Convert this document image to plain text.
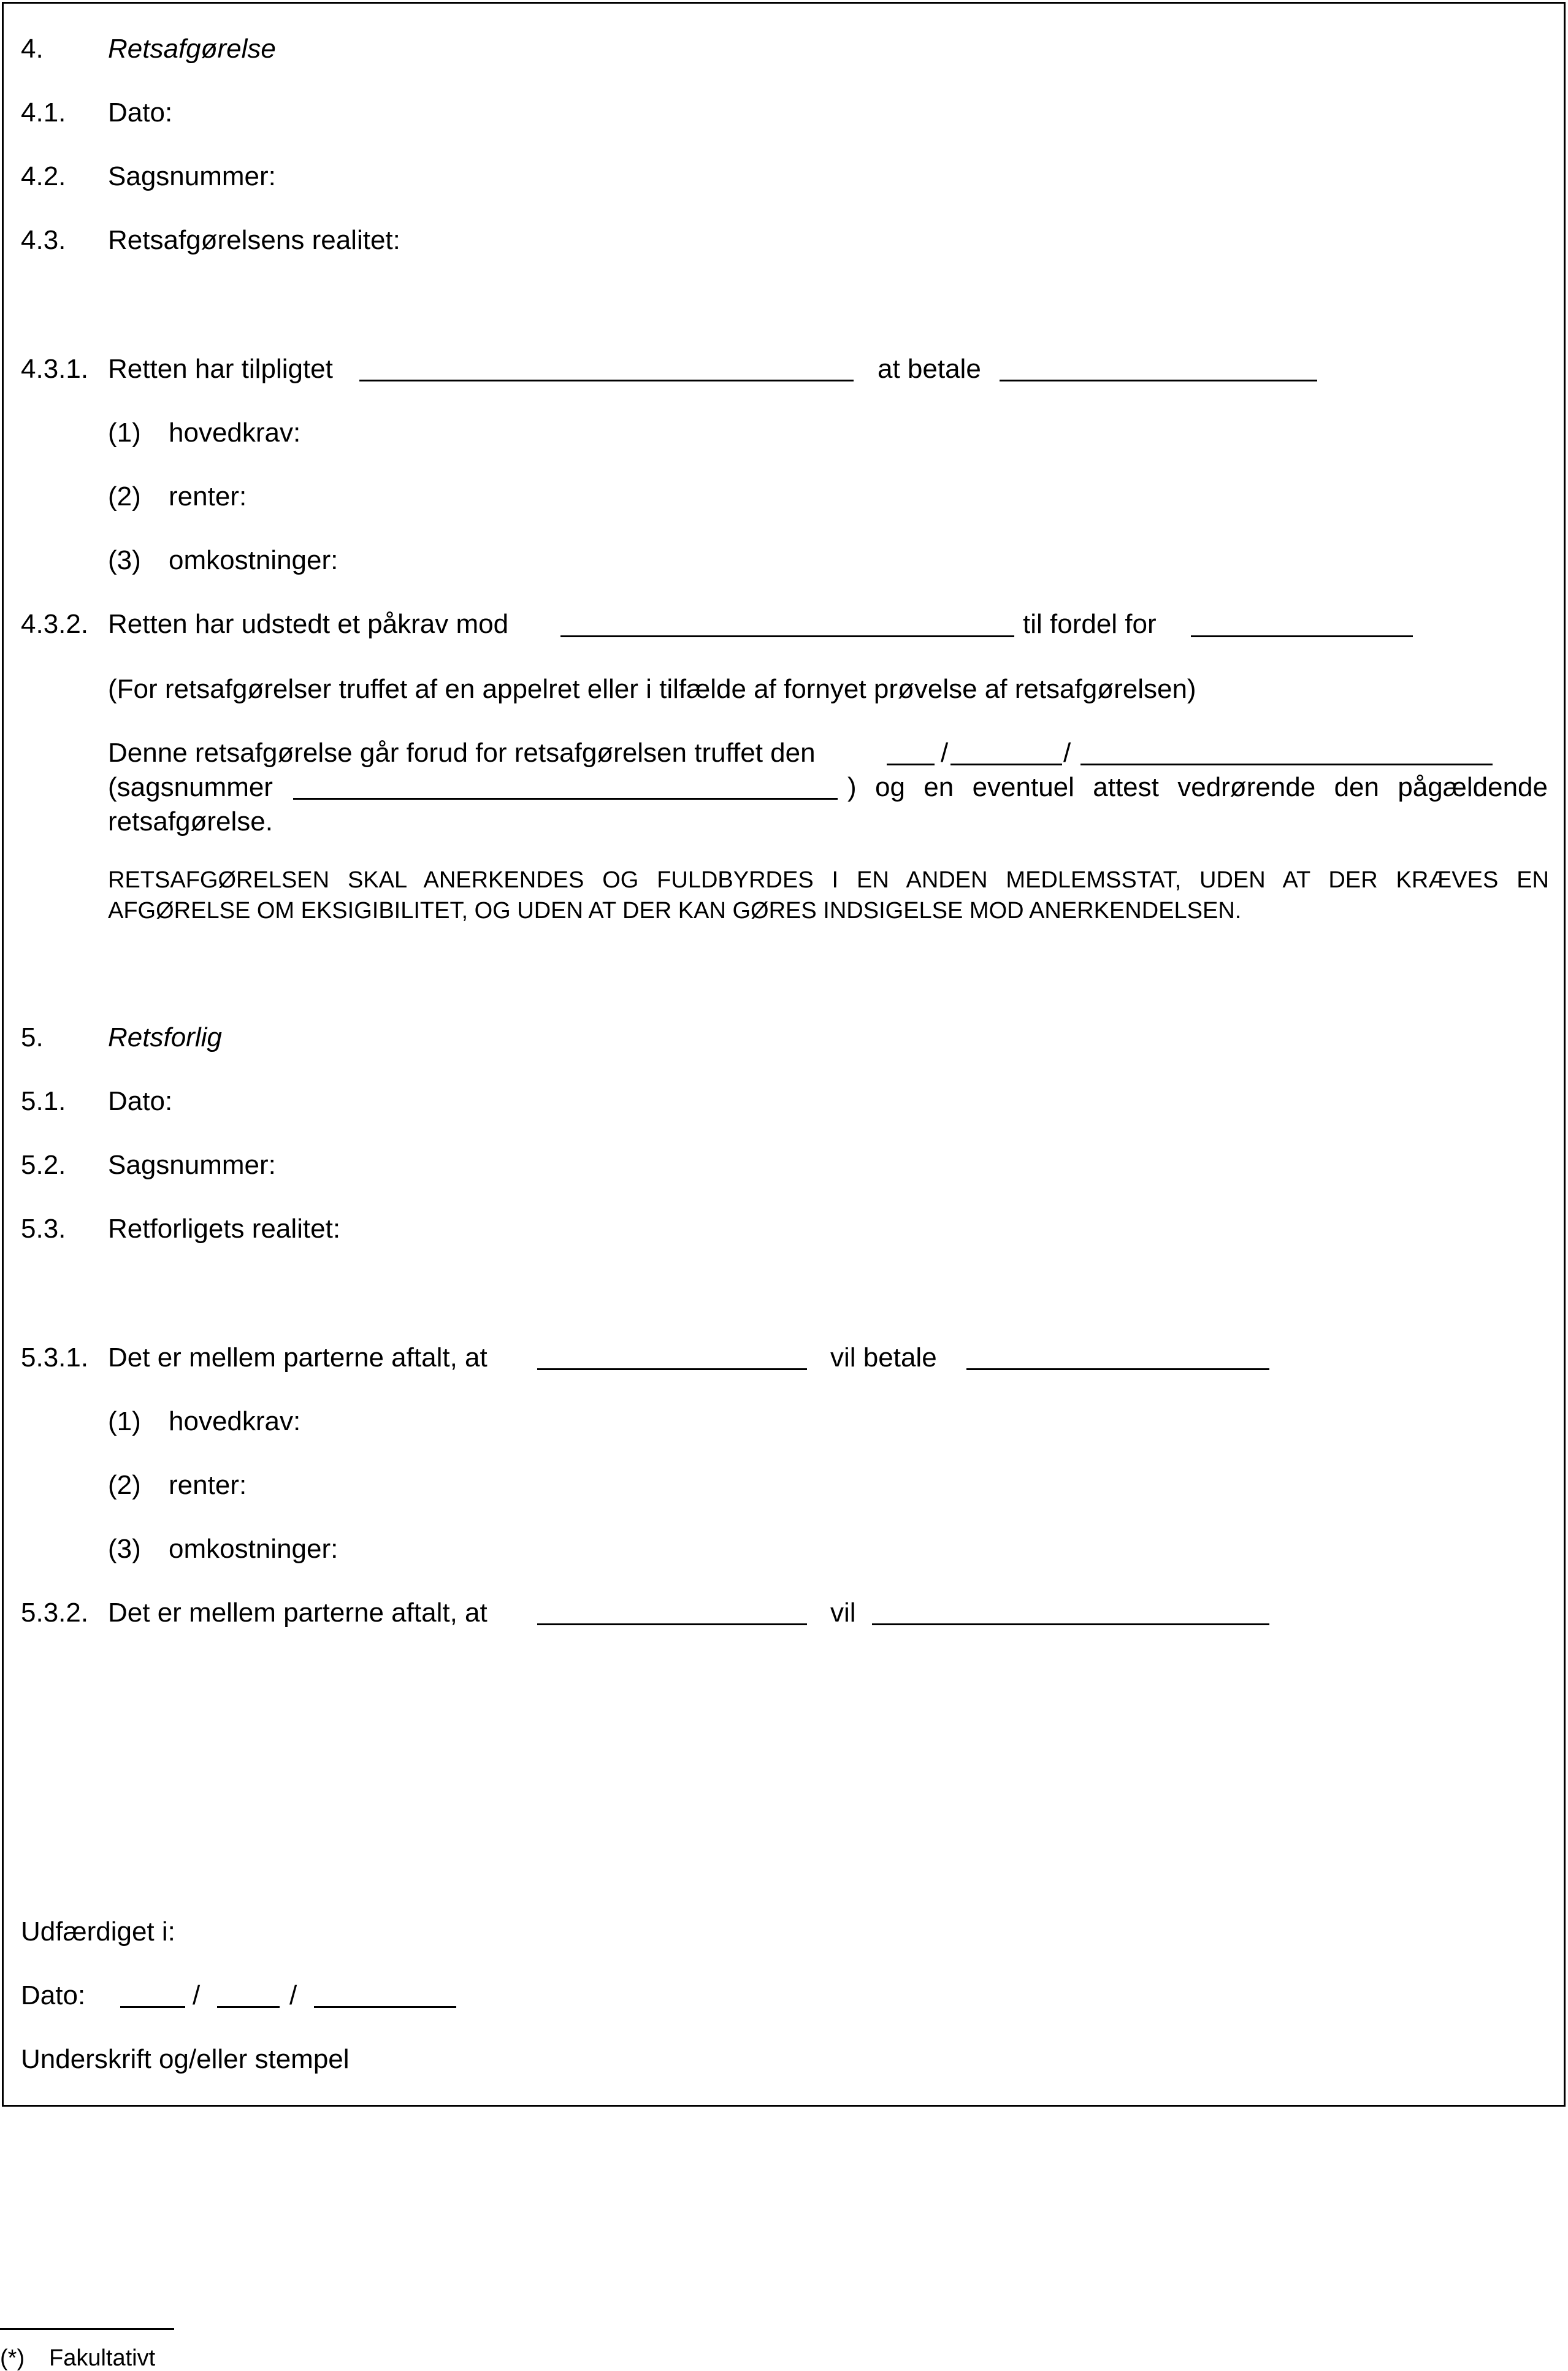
4. Retsafgørelse
4.1. Dato:
4.2. Sagsnummer:
4.3. Retsafgørelsens realitet:
4.3.1. Retten har tilpligtet	at betale
(1) hovedkrav:
(2) renter:
(3) omkostninger:
4.3.2. Retten har udstedt et påkrav mod	til fordel for
(For retsafgørelser truffet af en appelret eller i tilfælde af fornyet prøvelse af retsafgørelsen)
Denne retsafgørelse går forud for retsafgørelsen truffet den	/	/
(sagsnummer	) og en eventuel attest vedrørende den pågældende
retsafgørelse.
RETSAFGØRELSEN SKAL ANERKENDES OG FULDBYRDES I EN ANDEN MEDLEMSSTAT, UDEN AT DER KRÆVES EN
AFGØRELSE OM EKSIGIBILITET, OG UDEN AT DER KAN GØRES INDSIGELSE MOD ANERKENDELSEN.
5. Retsforlig
5.1. Dato:
5.2. Sagsnummer:
5.3. Retforligets realitet:
5.3.1. Det er mellem parterne aftalt, at	vil betale
(1) hovedkrav:
(2) renter:
(3) omkostninger:
5.3.2. Det er mellem parterne aftalt, at	vil
Udfærdiget i:
Dato:	/	/
Underskrift og/eller stempel
(*) Fakultativt
